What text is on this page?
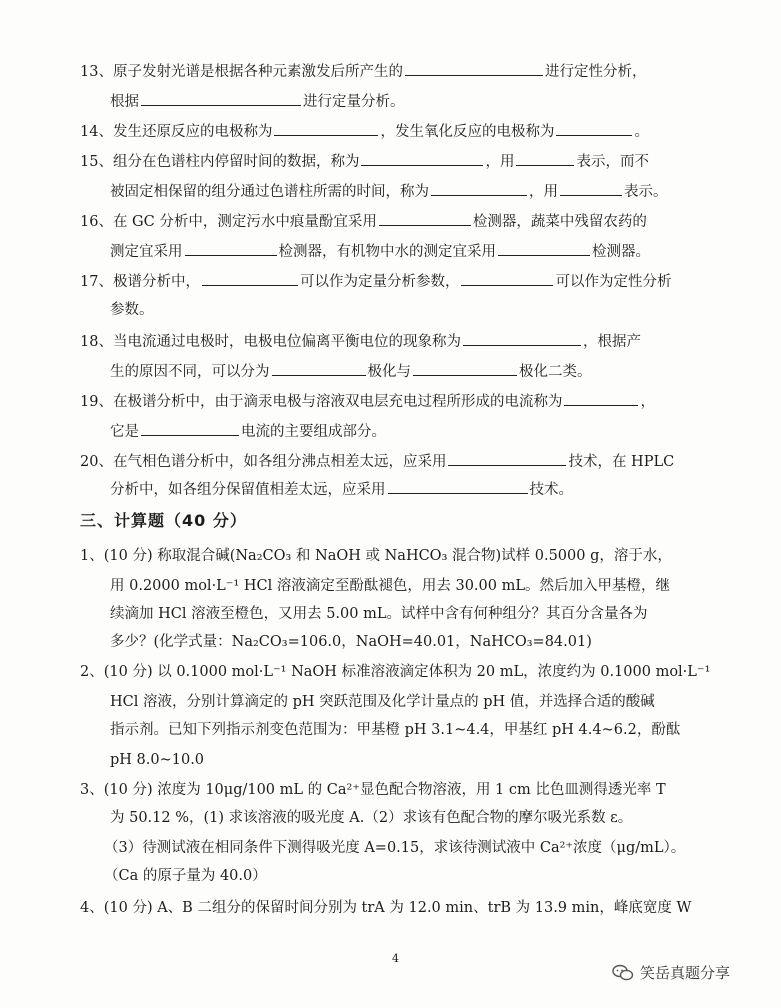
13、原子发射光谱是根据各种元素激发后所产生的	进行定性分析，
根据	进行定量分析。
14、发生还原反应的电极称为	，发生氧化反应的电极称为	。
15、组分在色谱柱内停留时间的数据，称为	，用	表示，而不
被固定相保留的组分通过色谱柱所需的时间，称为	，用	表示。
16、在 GC 分析中，测定污水中痕量酚宜采用	检测器，蔬菜中残留农药的
测定宜采用	检测器，有机物中水的测定宜采用	检测器。
17、极谱分析中，	可以作为定量分析参数，	可以作为定性分析
参数。
18、当电流通过电极时，电极电位偏离平衡电位的现象称为	，根据产
生的原因不同，可以分为	极化与	极化二类。
19、在极谱分析中，由于滴汞电极与溶液双电层充电过程所形成的电流称为	，
它是	电流的主要组成部分。
20、在气相色谱分析中，如各组分沸点相差太远，应采用	技术，在 HPLC
分析中，如各组分保留值相差太远，应采用	技术。
三、计算题（40 分）
1、(10 分) 称取混合碱(Na₂CO₃ 和 NaOH 或 NaHCO₃ 混合物)试样 0.5000 g，溶于水，
用 0.2000 mol·L⁻¹ HCl 溶液滴定至酚酞褪色，用去 30.00 mL。然后加入甲基橙，继
续滴加 HCl 溶液至橙色，又用去 5.00 mL。试样中含有何种组分？其百分含量各为
多少？(化学式量：Na₂CO₃=106.0，NaOH=40.01，NaHCO₃=84.01)
2、(10 分) 以 0.1000 mol·L⁻¹ NaOH 标准溶液滴定体积为 20 mL，浓度约为 0.1000 mol·L⁻¹
HCl 溶液，分别计算滴定的 pH 突跃范围及化学计量点的 pH 值，并选择合适的酸碱
指示剂。已知下列指示剂变色范围为：甲基橙 pH 3.1~4.4，甲基红 pH 4.4~6.2，酚酞
pH 8.0~10.0
3、(10 分) 浓度为 10μg/100 mL 的 Ca²⁺显色配合物溶液，用 1 cm 比色皿测得透光率 T
为 50.12 %，(1) 求该溶液的吸光度 A.（2）求该有色配合物的摩尔吸光系数 ε。
（3）待测试液在相同条件下测得吸光度 A=0.15，求该待测试液中 Ca²⁺浓度（μg/mL）。
（Ca 的原子量为 40.0）
4、(10 分) A、B 二组分的保留时间分别为 trA 为 12.0 min、trB 为 13.9 min，峰底宽度 W
4
笑岳真题分享
